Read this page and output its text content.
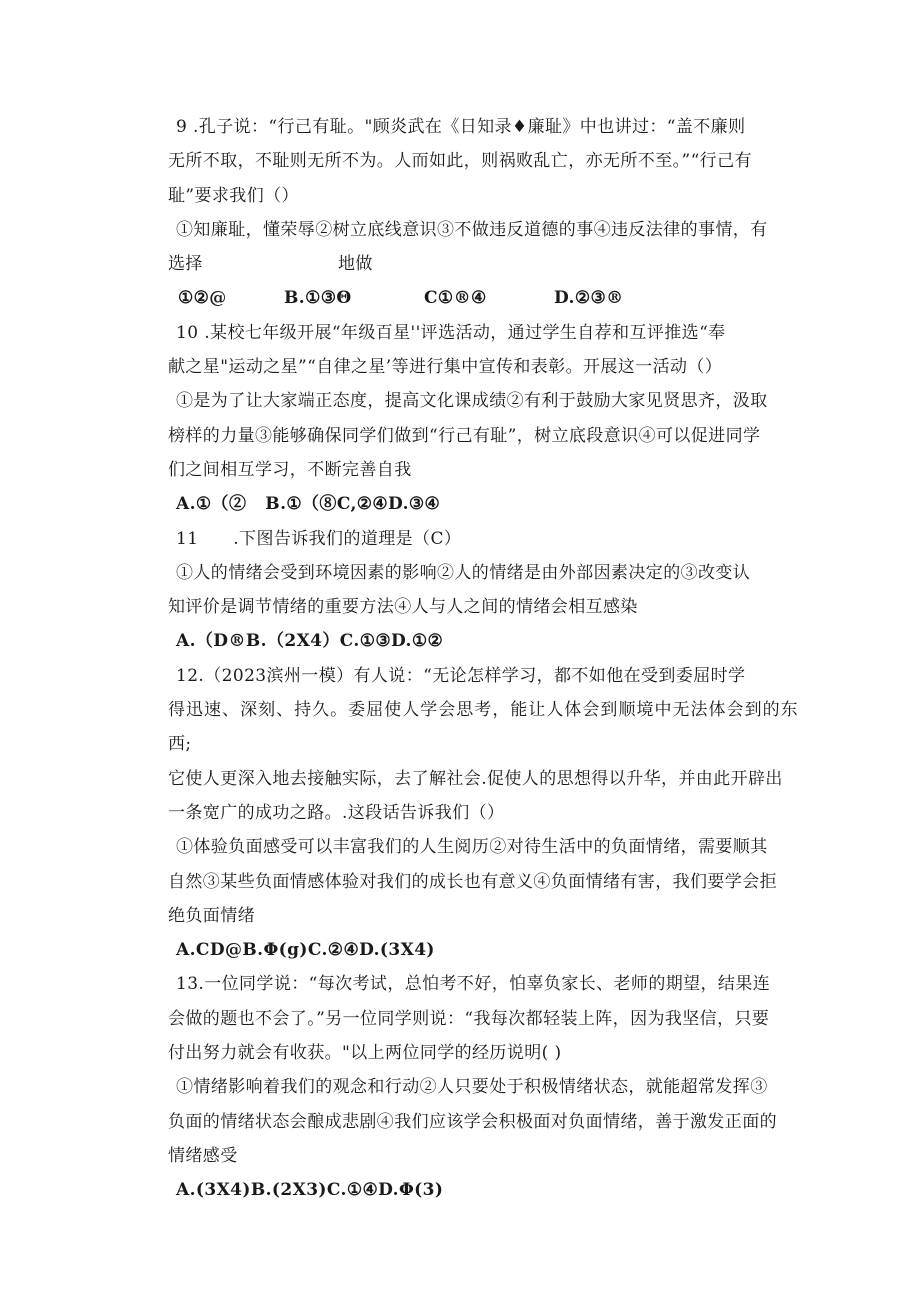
9 .孔子说：“行己有耻。"顾炎武在《日知录♦廉耻》中也讲过：“盖不廉则

无所不取，不耻则无所不为。人而如此，则祸败乱亡，亦无所不至。”“行己有

耻”要求我们（）

①知廉耻，懂荣辱②树立底线意识③不做违反道德的事④违反法律的事情，有

选择	地做
①②@	B.①③Θ	C①®④	D.②③®

10 .某校七年级开展“年级百星''评选活动，通过学生自荐和互评推选“奉

献之星"运动之星”“自律之星’等进行集中宣传和表彰。开展这一活动（）

①是为了让大家端正态度，提高文化课成绩②有利于鼓励大家见贤思齐，汲取

榜样的力量③能够确保同学们做到“行己有耻”，树立底段意识④可以促进同学

们之间相互学习，不断完善自我

A.①（②   B.①（⑧C,②④D.③④

11      .下图告诉我们的道理是（C）

①人的情绪会受到环境因素的影响②人的情绪是由外部因素决定的③改变认

知评价是调节情绪的重要方法④人与人之间的情绪会相互感染

A.（D®B.（2X4）C.①③D.①②

12.（2023滨州一模）有人说：“无论怎样学习，都不如他在受到委屈时学

得迅速、深刻、持久。委屈使人学会思考，能让人体会到顺境中无法体会到的东西;

它使人更深入地去接触实际，去了解社会.促使人的思想得以升华，并由此开辟出

一条宽广的成功之路。.这段话告诉我们（）

①体验负面感受可以丰富我们的人生阅历②对待生活中的负面情绪，需要顺其

自然③某些负面情感体验对我们的成长也有意义④负面情绪有害，我们要学会拒

绝负面情绪

A.CD@B.Φ(g)C.②④D.(3X4)

13.一位同学说：“每次考试，总怕考不好，怕辜负家长、老师的期望，结果连

会做的题也不会了。”另一位同学则说：“我每次都轻装上阵，因为我坚信，只要

付出努力就会有收获。"以上两位同学的经历说明( )

①情绪影响着我们的观念和行动②人只要处于积极情绪状态，就能超常发挥③

负面的情绪状态会酿成悲剧④我们应该学会积极面对负面情绪，善于激发正面的

情绪感受

A.(3X4)B.(2X3)C.①④D.Φ(3)
